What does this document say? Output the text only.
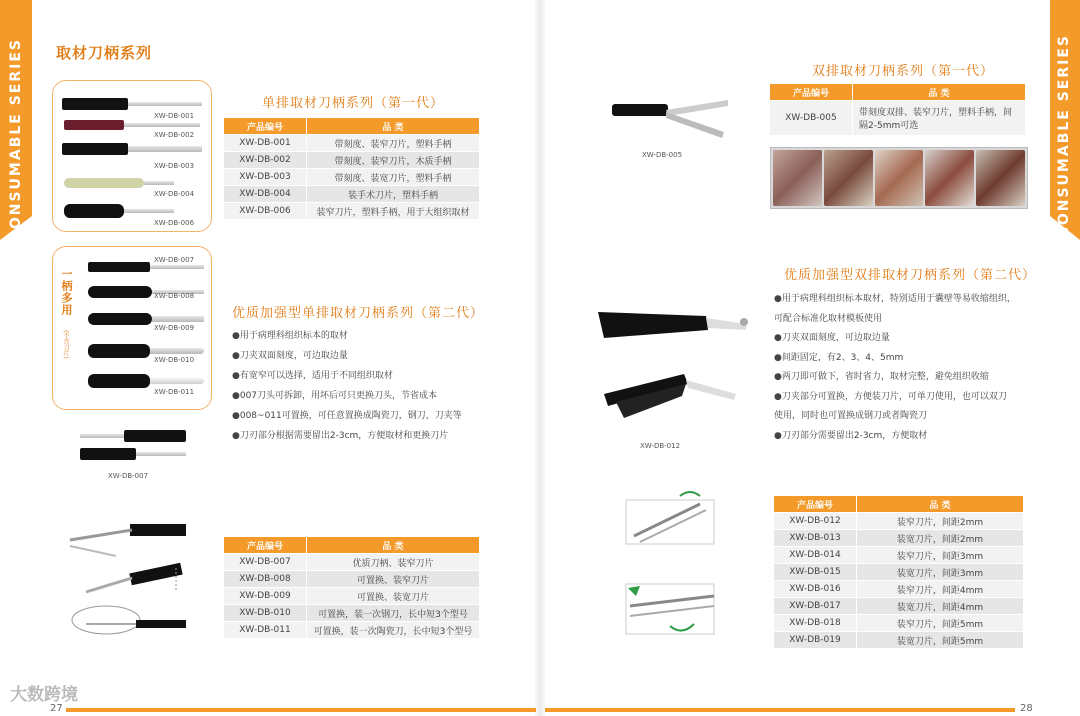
CONSUMABLE SERIES	CONSUMABLE SERIES
取材刀柄系列
XW-DB-001
XW-DB-002
XW-DB-003
XW-DB-004
XW-DB-006
单排取材刀柄系列（第一代）
产品编号	品 类
XW-DB-001	带刻度、装窄刀片，塑料手柄
XW-DB-002	带刻度、装窄刀片，木质手柄
XW-DB-003	带刻度、装宽刀片，塑料手柄
XW-DB-004	装手术刀片，塑料手柄
XW-DB-006	装窄刀片，塑料手柄，用于大组织取材
一柄多用
(不含刀片)
XW-DB-007
XW-DB-008
XW-DB-009
XW-DB-010
XW-DB-011
XW-DB-007
优质加强型单排取材刀柄系列（第二代）
●用于病理科组织标本的取材
●刀夹双面刻度，可边取边量
●有宽窄可以选择，适用于不同组织取材
●007刀头可拆卸，用坏后可只更换刀头，节省成本
●008~011可置换，可任意置换成陶瓷刀，钢刀，刀夹等
●刀刃部分根据需要留出2-3cm，方便取材和更换刀片
产品编号	品 类
XW-DB-007	优质刀柄、装窄刀片
XW-DB-008	可置换、装窄刀片
XW-DB-009	可置换、装宽刀片
XW-DB-010	可置换，装一次钢刀，长中短3个型号
XW-DB-011	可置换，装一次陶瓷刀，长中短3个型号
双排取材刀柄系列（第一代）
产品编号	品 类
XW-DB-005	带刻度双排、装窄刀片，塑料手柄，间隔2-5mm可选
XW-DB-005
优质加强型双排取材刀柄系列（第二代）
●用于病理科组织标本取材，特别适用于囊壁等易收缩组织，
可配合标准化取材模板使用
●刀夹双面刻度，可边取边量
●间距固定，有2、3、4、5mm
●两刀即可做下，省时省力，取材完整，避免组织收缩
●刀夹部分可置换，方便装刀片，可单刀使用，也可以双刀
使用，同时也可置换成钢刀或者陶瓷刀
●刀刃部分需要留出2-3cm，方便取材
XW-DB-012
产品编号	品 类
XW-DB-012	装窄刀片，间距2mm
XW-DB-013	装宽刀片，间距2mm
XW-DB-014	装窄刀片，间距3mm
XW-DB-015	装宽刀片，间距3mm
XW-DB-016	装窄刀片，间距4mm
XW-DB-017	装宽刀片，间距4mm
XW-DB-018	装窄刀片，间距5mm
XW-DB-019	装宽刀片，间距5mm
大数跨境
27	28
